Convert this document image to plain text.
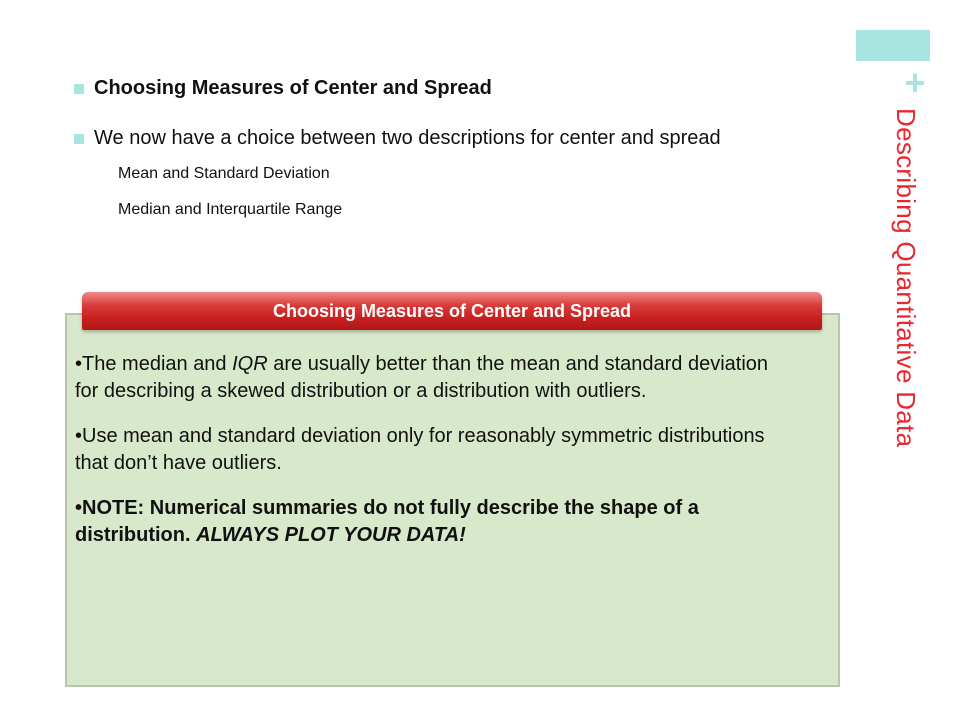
+
Describing Quantitative Data
Choosing Measures of Center and Spread
We now have a choice between two descriptions for center and spread
Mean and Standard Deviation
Median and Interquartile Range

•The median and IQR are usually better than the mean and standard deviation for describing a skewed distribution or a distribution with outliers.

•Use mean and standard deviation only for reasonably symmetric distributions that don’t have outliers.

•NOTE: Numerical summaries do not fully describe the shape of a distribution. ALWAYS PLOT YOUR DATA!

Choosing Measures of Center and Spread
